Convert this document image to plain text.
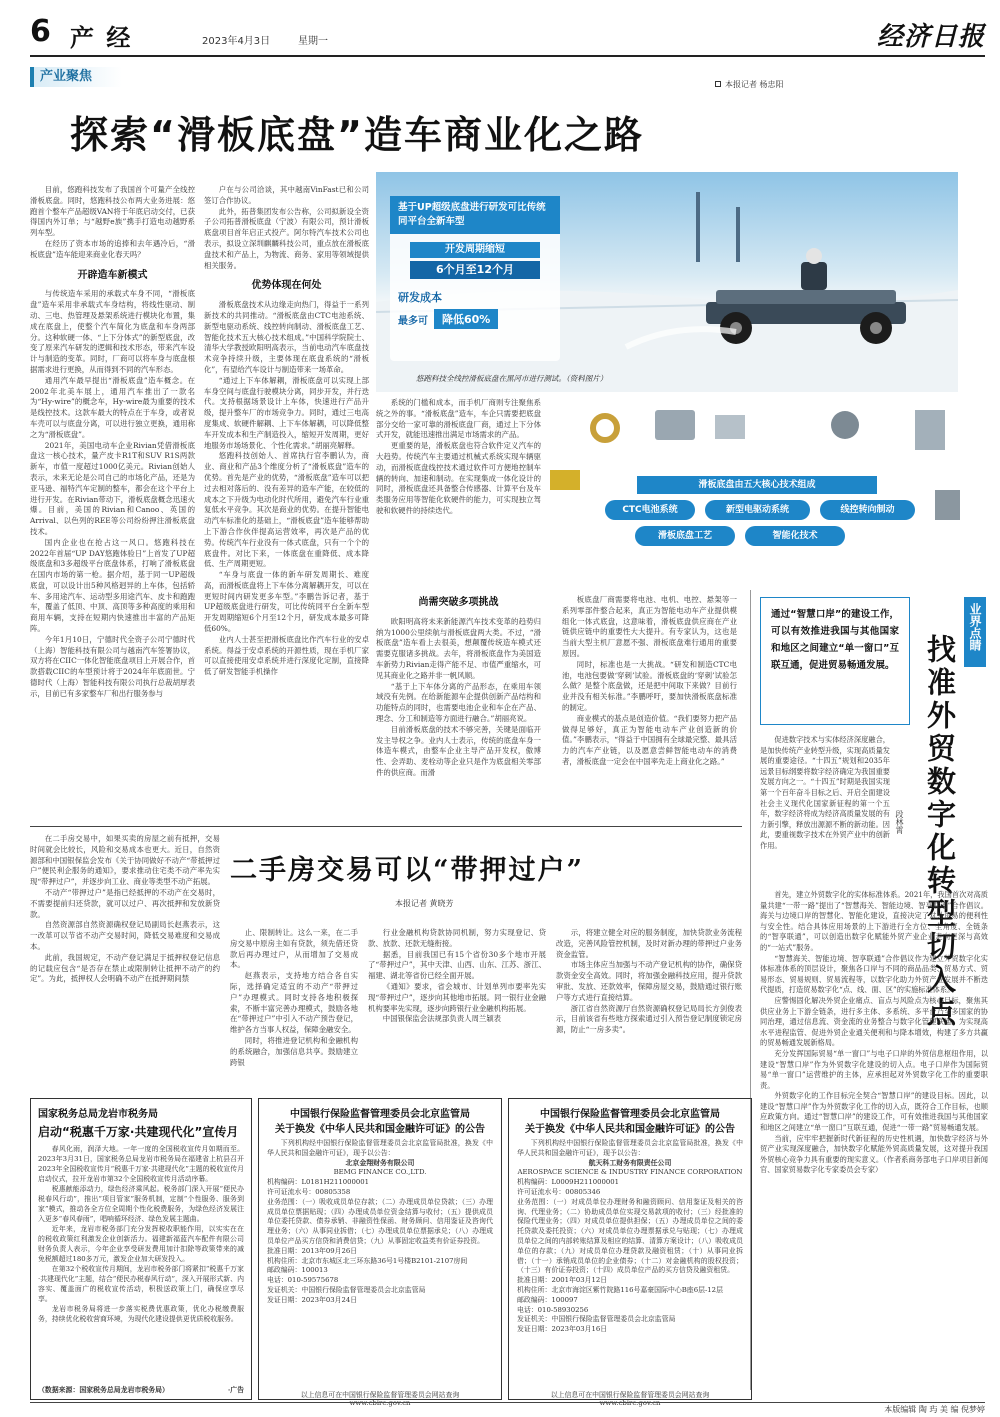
6 产 经	2023年4月3日	星期一	经济日报
产业聚焦
本报记者 杨忠阳
探索“滑板底盘”造车商业化之路

目前，悠跑科技发布了我国首个可量产全线控滑板底盘。同时，悠跑科技公布两大业务进展：悠跑首个整车产品超级VAN将于年底启动交付，已获得国内外订单；与“越野e族”携手打造电动越野系列车型。

在经历了资本市场的追捧和去年遇冷后，“滑板底盘”造车能迎来商业化春天吗？

开辟造车新模式

与传统造车采用的承载式车身不同，“滑板底盘”造车采用非承载式车身结构，将线性驱动、制动、三电、热管理及悬架系统进行模块化布置，集成在底盘上，使整个汽车简化为底盘和车身两部分。这种软硬一体、“上下分体式”的新型底盘，改变了原来汽车研发的逻辑和技术形态，带来汽车设计与制造的变革。同时，厂商可以将车身与底盘根据需求进行更换，从而得到不同的汽车形态。

通用汽车最早提出“滑板底盘”造车概念。在2002年北美车展上，通用汽车推出了一款名为“Hy-wire”的概念车，Hy-wire最为重要的技术是线控技术。这款车最大的特点在于车身，或者说车壳可以与底盘分离，可以进行独立更换，通用称之为“滑板底盘”。

2021年，美国电动车企业Rivian凭借滑板底盘这一核心技术，量产皮卡R1T和SUV R1S两款新车，市值一度超过1000亿美元。Rivian创始人表示，未来无论是公司自己的市场化产品，还是为亚马逊、福特汽车定制的整车，都会在这个平台上进行开发。在Rivian带动下，滑板底盘概念迅速火爆。目前，美国的Rivian和Canoo、英国的Arrival、以色列的REE等公司纷纷押注滑板底盘技术。

国内企业也在抢占这一风口。悠跑科技在2022年首届“UP DAY悠跑体验日”上首发了UP超级底盘和3多超级平台底盘体系，打响了滑板底盘在国内市场的第一枪。据介绍，基于同一UP超级底盘，可以设计出5种风格迥异的上车体，包括轿车、多用途汽车、运动型多用途汽车、皮卡和跑跑车，覆盖了低顶、中顶、高顶等多种高度的乘用和商用车辆，支持在短期内快速推出丰富的产品矩阵。

今年1月10日，宁德时代全资子公司宁德时代（上海）智能科技有限公司与越南汽车签署协议，双方将在CIIC一体化智能底盘项目上开展合作，首款搭载CIIC的车型预计将于2024年年底面世。宁德时代（上海）智能科技有限公司执行总裁胡厚表示，目前已有多家整车厂和出行服务参与

户在与公司洽谈，其中越南VinFast已和公司签订合作协议。

此外，拓普集团发布公告称，公司拟新设全资子公司拓普滑板底盘（宁波）有限公司，预计滑板底盘项目首年启正式投产。阿尔特汽车技术公司也表示，拟设立深圳麒麟科技公司，重点放在滑板底盘技术和产品上，为物流、商务、家用等领域提供相关服务。

优势体现在何处

滑板底盘技术从边缘走向热门，得益于一系列新技术的共同推动。“滑板底盘由CTC电池系统、新型电驱动系统、线控转向制动、滑板底盘工艺、智能化技术五大核心技术组成。”中国科学院院士、清华大学教授欧阳明高表示，当前电动汽车底盘技术竞争持续升级，主要体现在底盘系统的“滑板化”，有望给汽车设计与制造带来一场革命。

“通过上下车体解耦，滑板底盘可以实现上部车身空间与底盘行驶模块分离，同步开发，并行迭代。支持根据场景设计上车体，快速进行产品升级，提升整车厂的市场竞争力。同时，通过三电高度集成、软硬件解耦、上下车体解耦，可以降低整车开发成本和生产制造投入，缩短开发周期，更好地服务市场场景化、个性化需求。”胡丽亮解释。

悠跑科技创始人、首席执行官李鹏认为，商业、商业和产品3个维度分析了“滑板底盘”造车的优势。首先是产业的优势，“滑板底盘”造车可以把过去相对落后的、没有差异的造车产能，在较低的成本之下升级为电动化时代所用，避免汽车行业重复低水平竞争。其次是商业的优势。在提升智能电动汽车标准化的基础上，“滑板底盘”造车能够帮助上下游合作伙伴提高运营效率，再次是产品的优势。传统汽车行业没有一体式底盘，只有一个个的底盘件。对比下来，一体底盘在重降低、成本降低、生产周期更短。

“车身与底盘一体的新车研发周期长、难度高，而滑板底盘将上下车体分离解耦开发，可以在更短时间内研发更多车型。”李鹏告诉记者，基于UP超级底盘进行研发，可比传统同平台全新车型开发周期缩短6个月至12个月，研发成本最多可降低60%。

业内人士甚至把滑板底盘比作汽车行业的安卓系统。得益于安卓系统的开源性质，现在手机厂家可以直接使用安卓系统并进行深度化定制，直接降低了研发智能手机操作

基于UP超级底盘进行研发可比传统同平台全新车型
开发周期缩短
6个月至12个月
研发成本
最多可	降低60%
悠跑科技全线控滑板底盘在黑河市进行测试。（资料图片）

系统的门槛和成本，而手机厂商则专注聚焦系统之外的事。“滑板底盘”造车，车企只需要把底盘部分交给一家可靠的滑板底盘厂商，通过上下分体式开发，就能迅速推出满足市场需求的产品。

更重要的是，滑板底盘也符合软件定义汽车的大趋势。传统汽车主要通过机械式系统实现车辆驱动，而滑板底盘线控技术通过软件可方便地控制车辆的转向、加速和制动。在实现集成一体化设计的同时，滑板底盘还具备整合传感器、计算平台及车类服务应用等智能化软硬件的能力，可实现独立驾驶和软硬件的持续迭代。

滑板底盘由五大核心技术组成
CTC电池系统	新型电驱动系统	线控转向制动
滑板底盘工艺	智能化技术
尚需突破多项挑战

欧阳明高将未来新能源汽车技术变革的趋势归纳为1000公里续航与滑板底盘两大类。不过，“滑板底盘”造车看上去很美，想颠覆传统造车模式还需要克服诸多挑战。去年，将滑板底盘作为美国造车新势力Rivian走得产能不足、市值严重缩水，可见其商业化之路并非一帆风顺。

“基于上下车体分离的产品形态，在乘用车领域没有先例。在给新能源车企提供创新产品结构和功能特点的同时，也需要电池企业和车企在产品、理念、分工和制造等方面进行融合。”胡丽亮说。

目前滑板底盘的技术不够完善，关键是面临开发主导权之争。业内人士表示，传统的底盘车身一体造车模式，由整车企业主导产品开发权，傲博性、会弄助、麦栓动等企业只是作为底盘相关零部件的供应商。而滑

板底盘厂商需要将电池、电机、电控、悬架等一系列零部件整合起来，真正为智能电动车产业提供模组化一体式底盘，这意味着，滑板底盘供应商在产业链供应链中的重要性大大提升。有专家认为，这也是当前大型主机厂意愿不强、滑板底盘难行通用的重要原因。

同时，标准也是一大挑战。“研发和制造CTC电池，电池包要做‘穿刺’试验。滑板底盘的‘穿刺’试验怎么做？是整个底盘做，还是把中间取下来做？目前行业并没有相关标准。”李鹏呼吁，要加快滑板底盘标准的制定。

商业模式的基点是创造价值。“我们要努力把产品做得足够好，真正为智能电动车产业创造新的价值。”李鹏表示，“得益于中国拥有全球最完整、最具活力的汽车产业链，以及愿意尝鲜智能电动车的消费者，滑板底盘一定会在中国率先走上商业化之路。”

通过“智慧口岸”的建设工作，可以有效推进我国与其他国家和地区之间建立“单一窗口”互联互通，促进贸易畅通发展。
业界点睛
找准外贸数字化转型切入点
段林霄

促进数字技术与实体经济深度融合，是加快传统产业转型升级，实现高质量发展的重要途径。“十四五”规划和2035年远景目标纲要将数字经济确定为我国重要发展方向之一。“十四五”时期是我国实现第一个百年奋斗目标之后、开启全面建设社会主义现代化国家新征程的第一个五年，数字经济将成为经济高质量发展的有力新引擎，释放出源源不断的新动能。因此，要重视数字技术在外贸产业中的创新作用。

首先，建立外贸数字化的实体标准体系。2021年，我国首次对高质量共建“一带一路”提出了“智慧海关、智能边境、智享联通”合作倡议。海关与边境口岸的智慧化、智能化建设，直接决定了对外贸易的便利性与安全性。结合具体应用场景的上下游进行全方位、全角度、全链条的“智享联通”，可以创造出数字化赋能外贸产业企业走向更深与高效的“一站式”服务。

“智慧海关、智能边境、智享联通”合作倡议作为建立外贸数字化实体标准体系的顶层设计，聚焦各口岸与不同的商品品类、贸易方式、贸易形态、贸易规则、贸易流程等，以数字化助力外贸产业发展并不断迭代提质，打造贸易数字化“点、线、面、区”的实施标准体系。

应警惕固化解决外贸企业痛点、盲点与风险点为核心目标，聚焦其供应业务上下游全链条，进行多主体、多系统、多平台乃至多国家的协同治理，通过信息流、资金流的业务整合与数字化管理联通。为实现高水平进程监管、促进外贸企业通关便利和与降本增效，构建了多方共赢的贸易畅通发展新格局。

充分发挥国际贸易“单一窗口”与电子口岸的外贸信息枢纽作用，以建设“智慧口岸”作为外贸数字化建设的切入点。电子口岸作为国际贸易“单一窗口”运营维护的主体，应承担起对外贸数字化工作的重要职责。

外贸数字化的工作目标完全契合“智慧口岸”的建设目标。因此，以建设“智慧口岸”作为外贸数字化工作的切入点，既符合工作目标，也顺应政策方向。通过“智慧口岸”的建设工作，可有效推进我国与其他国家和地区之间建立“单一窗口”互联互通，促进“一带一路”贸易畅通发展。

当前，应牢牢把握新时代新征程的历史性机遇，加快数字经济与外贸产业实现深度融合，加快数字化赋能外贸高质量发展，这对提升我国外贸核心竞争力具有重要的现实意义。（作者系商务部电子口岸项目新闻官、国家贸易数字化专家委员会专家）

二手房交易可以“带押过户”
本报记者 黄晓芳

在二手房交易中，如果买卖的房屋之前有抵押，交易时间就会比较长，风险和交易成本也更大。近日，自然资源部和中国银保监会发布《关于协同做好不动产“带抵押过户”便民利企服务的通知》，要求推动住宅类不动产率先实现“带押过户”，并逐步向工业、商业等类型不动产拓展。

不动产“带押过户”是指已经抵押的不动产在交易时，不需要提前归还贷款，就可以过户、再次抵押和发放新贷款。

自然资源部自然资源确权登记局副局长赵燕表示，这一改革可以节省不动产交易时间，降低交易难度和交易成本。

此前，我国规定，不动产登记满足于抵押权登记信息的记载应包含“是否存在禁止或限制转让抵押不动产的约定”。为此，抵押权人会明确不动产在抵押期间禁

止、限制转让。这么一来，在二手房交易中原房主如有贷款，须先借还贷款后再办理过户，从而增加了交易成本。

赵燕表示，支持地方结合各自实际，选择确定适宜的不动产“带押过户”办理模式。同时支持各地积极探索，不断丰富完善办理模式，鼓励各地在“带押过户”中引入不动产预告登记，维护各方当事人权益，保障金融安全。

同时，将推进登记机构和金融机构的系统融合，加强信息共享。鼓励建立跨银

行业金融机构贷款协同机制，努力实现登记、贷款、放款、还款无缝衔接。

据悉，目前我国已有15个省份30多个地市开展了“带押过户”，其中天津、山西、山东、江苏、浙江、福建、湖北等省份已经全面开展。

《通知》要求，省会城市、计划单列市要率先实现“带押过户”，逐步向其他地市拓展。同一银行业金融机构要率先实现，逐步向跨银行业金融机构拓展。

中国银保监会法规部负责人周兰颖表

示，将建立健全对应的服务制度，加快贷款业务流程改造，完善风险管控机制，及时对新办理的带押过户业务资金监管。

市场主体应当加强与不动产登记机构的协作，确保贷款资金安全高效。同时，将加强金融科技应用，提升贷款审批、发放、还款效率，保障房屋交易，鼓励通过银行账户等方式进行直接结算。

浙江省自然资源厅自然资源确权登记局局长方剑俊表示，目前该省有些地方探索通过引入预告登记制度锁定房源，防止“一房多卖”。

国家税务总局龙岩市税务局
启动“税惠千万家·共建现代化”宣传月

春风化雨，润泽大地。一年一度的全国税收宣传月如期而至。2023年3月31日，国家税务总局龙岩市税务局在福建省上杭县召开2023年全国税收宣传月“税惠千万家·共建现代化”主题的税收宣传月启动仪式，拉开龙岩市第32个全国税收宣传月活动序幕。

税惠献能添动力，绿色经济乘风起。税务部门深入开展“便民办税春风行动”，推出“项目管家”服务机制，定制“个性服务、服务到家”模式，推动各全方位全周期个性化税费服务，为绿色经济发展注入更多“春风春雨”，唱响循环经济、绿色发展主题曲。

近年来，龙岩市税务部门充分发挥税收职能作用，以实实在在的税收政策红利激发企业创新活力。福建新福蓝汽车配件有限公司财务负责人表示，今年企业享受研发费用加计扣除等政策带来的减免税额超过180多万元，激发企业加大研发投入。

在第32个税收宣传月期间，龙岩市税务部门将紧扣“税惠千万家·共建现代化”主题，结合“便民办税春风行动”，深入开展形式新、内容实、覆盖面广的税收宣传活动，积极送政策上门，确保应享尽享。

龙岩市税务局将进一步落实税费优惠政策，优化办税缴费服务，持续优化税收营商环境，为现代化建设提供更优质税收服务。

（数据来源：国家税务总局龙岩市税务局）	·广告
中国银行保险监督管理委员会北京监管局
关于换发《中华人民共和国金融许可证》的公告

下列机构经中国银行保险监督管理委员会北京监管局批准，换发《中华人民共和国金融许可证》，现予以公告：

北京金翔财务有限公司
BEMG FINANCE CO.,LTD.
机构编码：L0181H211000001
许可证流水号：00805358
业务范围：（一）吸收成员单位存款；（二）办理成员单位贷款；（三）办理成员单位票据贴现；（四）办理成员单位资金结算与收付；（五）提供成员单位委托贷款、债券承销、非融资性保函、财务顾问、信用鉴证及咨询代理业务；（六）从事同业拆借；（七）办理成员单位票据承兑；（八）办理成员单位产品买方信贷和消费信贷；（九）从事固定收益类有价证券投资。
批准日期：2013年09月26日
机构住所：北京市东城区北三环东路36号1号楼B2101-2107房间
邮政编码：100013
电话：010-59575678
发证机关：中国银行保险监督管理委员会北京监管局
发证日期：2023年03月24日
以上信息可在中国银行保险监督管理委员会网站查询
www.cbirc.gov.cn
中国银行保险监督管理委员会北京监管局
关于换发《中华人民共和国金融许可证》的公告

下列机构经中国银行保险监督管理委员会北京监管局批准，换发《中华人民共和国金融许可证》，现予以公告：

航天科工财务有限责任公司
AEROSPACE SCIENCE & INDUSTRY FINANCE CORPORATION
机构编码：L0009H211000001
许可证流水号：00805346
业务范围：（一）对成员单位办理财务和融资顾问、信用鉴证及相关的咨询、代理业务；（二）协助成员单位实现交易款项的收付；（三）经批准的保险代理业务；（四）对成员单位提供担保；（五）办理成员单位之间的委托贷款及委托投资；（六）对成员单位办理票据承兑与贴现；（七）办理成员单位之间的内部转账结算及相应的结算、清算方案设计；（八）吸收成员单位的存款；（九）对成员单位办理贷款及融资租赁；（十）从事同业拆借；（十一）承销成员单位的企业债券；（十二）对金融机构的股权投资；（十三）有价证券投资；（十四）成员单位产品的买方信贷及融资租赁。
批准日期：2001年03月12日
机构住所：北京市海淀区紫竹院路116号嘉豪国际中心B座6层-12层
邮政编码：100097
电话：010-58930256
发证机关：中国银行保险监督管理委员会北京监管局
发证日期：2023年03月16日
以上信息可在中国银行保险监督管理委员会网站查询
www.cbirc.gov.cn
本版编辑 陶 玙 美 编 倪梦婷
